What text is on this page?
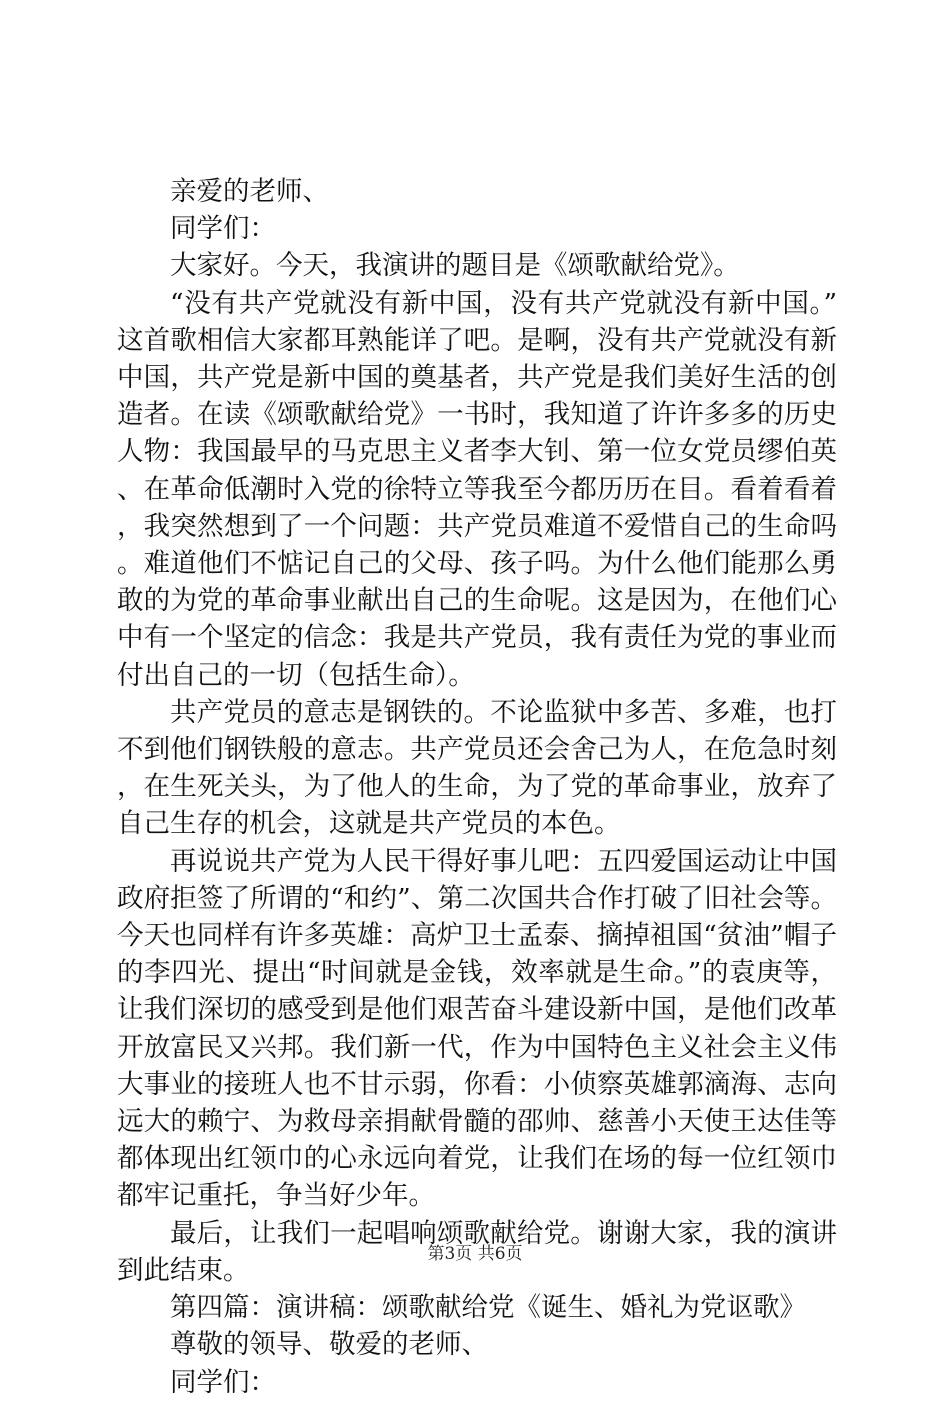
亲爱的老师、

同学们：

大家好。今天，我演讲的题目是《颂歌献给党》。

“没有共产党就没有新中国，没有共产党就没有新中国。”这首歌相信大家都耳熟能详了吧。是啊，没有共产党就没有新中国，共产党是新中国的奠基者，共产党是我们美好生活的创造者。在读《颂歌献给党》一书时，我知道了许许多多的历史人物：我国最早的马克思主义者李大钊、第一位女党员缪伯英、在革命低潮时入党的徐特立等我至今都历历在目。看着看着，我突然想到了一个问题：共产党员难道不爱惜自己的生命吗。难道他们不惦记自己的父母、孩子吗。为什么他们能那么勇敢的为党的革命事业献出自己的生命呢。这是因为，在他们心中有一个坚定的信念：我是共产党员，我有责任为党的事业而付出自己的一切（包括生命）。

共产党员的意志是钢铁的。不论监狱中多苦、多难，也打不到他们钢铁般的意志。共产党员还会舍己为人，在危急时刻，在生死关头，为了他人的生命，为了党的革命事业，放弃了自己生存的机会，这就是共产党员的本色。

再说说共产党为人民干得好事儿吧：五四爱国运动让中国政府拒签了所谓的“和约”、第二次国共合作打破了旧社会等。今天也同样有许多英雄：高炉卫士孟泰、摘掉祖国“贫油”帽子的李四光、提出“时间就是金钱，效率就是生命。”的袁庚等，让我们深切的感受到是他们艰苦奋斗建设新中国，是他们改革开放富民又兴邦。我们新一代，作为中国特色主义社会主义伟大事业的接班人也不甘示弱，你看：小侦察英雄郭滴海、志向远大的赖宁、为救母亲捐献骨髓的邵帅、慈善小天使王达佳等都体现出红领巾的心永远向着党，让我们在场的每一位红领巾都牢记重托，争当好少年。

最后，让我们一起唱响颂歌献给党。谢谢大家，我的演讲到此结束。

第四篇：演讲稿：颂歌献给党《诞生、婚礼为党讴歌》

尊敬的领导、敬爱的老师、

同学们：

第3页 共6页
